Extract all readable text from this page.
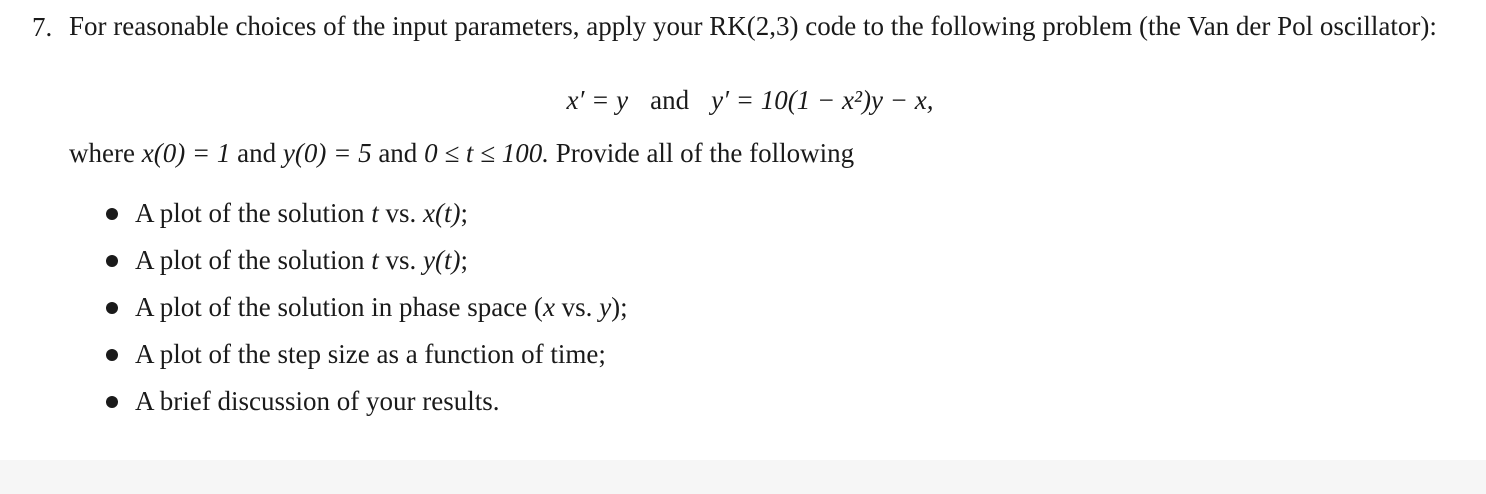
7. For reasonable choices of the input parameters, apply your RK(2,3) code to the following problem (the Van der Pol oscillator):
x′ = y and y′ = 10(1 − x²)y − x,
where x(0) = 1 and y(0) = 5 and 0 ≤ t ≤ 100. Provide all of the following
A plot of the solution t vs. x(t);
A plot of the solution t vs. y(t);
A plot of the solution in phase space (x vs. y);
A plot of the step size as a function of time;
A brief discussion of your results.
